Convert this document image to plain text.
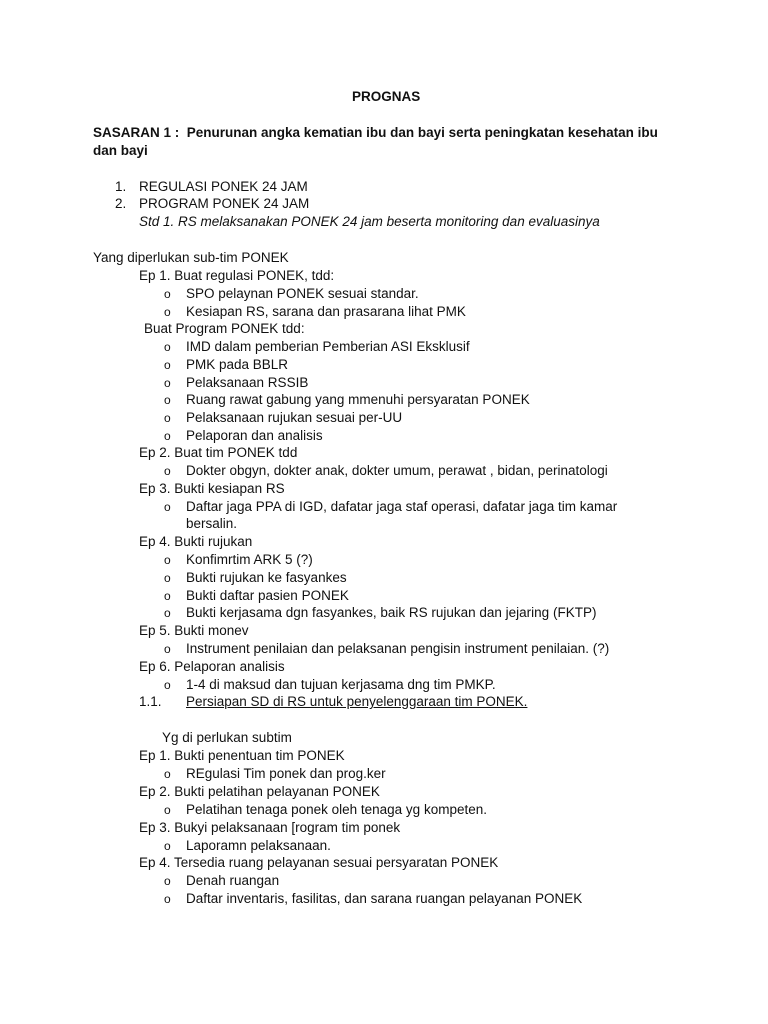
PROGNAS
SASARAN 1 : Penurunan angka kematian ibu dan bayi serta peningkatan kesehatan ibu
dan bayi
1. REGULASI PONEK 24 JAM
2. PROGRAM PONEK 24 JAM
Std 1. RS melaksanakan PONEK 24 jam beserta monitoring dan evaluasinya
Yang diperlukan sub-tim PONEK
Ep 1. Buat regulasi PONEK, tdd:
o SPO pelaynan PONEK sesuai standar.
o Kesiapan RS, sarana dan prasarana lihat PMK
Buat Program PONEK tdd:
o IMD dalam pemberian Pemberian ASI Eksklusif
o PMK pada BBLR
o Pelaksanaan RSSIB
o Ruang rawat gabung yang mmenuhi persyaratan PONEK
o Pelaksanaan rujukan sesuai per-UU
o Pelaporan dan analisis
Ep 2. Buat tim PONEK tdd
o Dokter obgyn, dokter anak, dokter umum, perawat , bidan, perinatologi
Ep 3. Bukti kesiapan RS
o Daftar jaga PPA di IGD, dafatar jaga staf operasi, dafatar jaga tim kamar
bersalin.
Ep 4. Bukti rujukan
o Konfimrtim ARK 5 (?)
o Bukti rujukan ke fasyankes
o Bukti daftar pasien PONEK
o Bukti kerjasama dgn fasyankes, baik RS rujukan dan jejaring (FKTP)
Ep 5. Bukti monev
o Instrument penilaian dan pelaksanan pengisin instrument penilaian. (?)
Ep 6. Pelaporan analisis
o 1-4 di maksud dan tujuan kerjasama dng tim PMKP.
1.1. Persiapan SD di RS untuk penyelenggaraan tim PONEK.
Yg di perlukan subtim
Ep 1. Bukti penentuan tim PONEK
o REgulasi Tim ponek dan prog.ker
Ep 2. Bukti pelatihan pelayanan PONEK
o Pelatihan tenaga ponek oleh tenaga yg kompeten.
Ep 3. Bukyi pelaksanaan [rogram tim ponek
o Laporamn pelaksanaan.
Ep 4. Tersedia ruang pelayanan sesuai persyaratan PONEK
o Denah ruangan
o Daftar inventaris, fasilitas, dan sarana ruangan pelayanan PONEK
